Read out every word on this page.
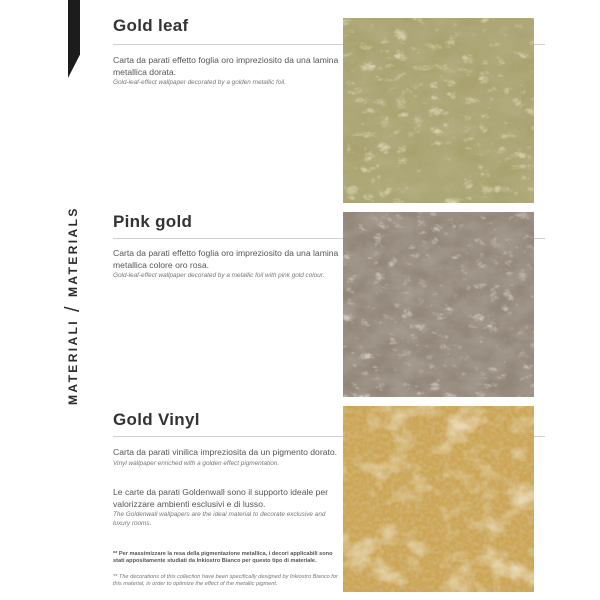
MATERIALI
/
MATERIALS
Gold leaf
Carta da parati effetto foglia oro impreziosito da una lamina metallica dorata.
Gold-leaf-effect wallpaper decorated by a golden metallic foil.
Pink gold
Carta da parati effetto foglia oro impreziosito da una lamina metallica colore oro rosa.
Gold-leaf-effect wallpaper decorated by a metallic foil with pink gold colour.
Gold Vinyl
Carta da parati vinilica impreziosita da un pigmento dorato.
Vinyl wallpaper enriched with a golden effect pigmentation.
Le carte da parati Goldenwall sono il supporto ideale per valorizzare ambienti esclusivi e di lusso.
The Goldenwall wallpapers are the ideal material to decorate exclusive and luxury rooms.
** Per massimizzare la resa della pigmentazione metallica, i decori applicabili sono stati appositamente studiati da Inkiostro Bianco per questo tipo di materiale.
** The decorations of this collection have been specifically designed by Inkiostro Bianco for this material, in order to optimize the effect of the metallic pigment.
